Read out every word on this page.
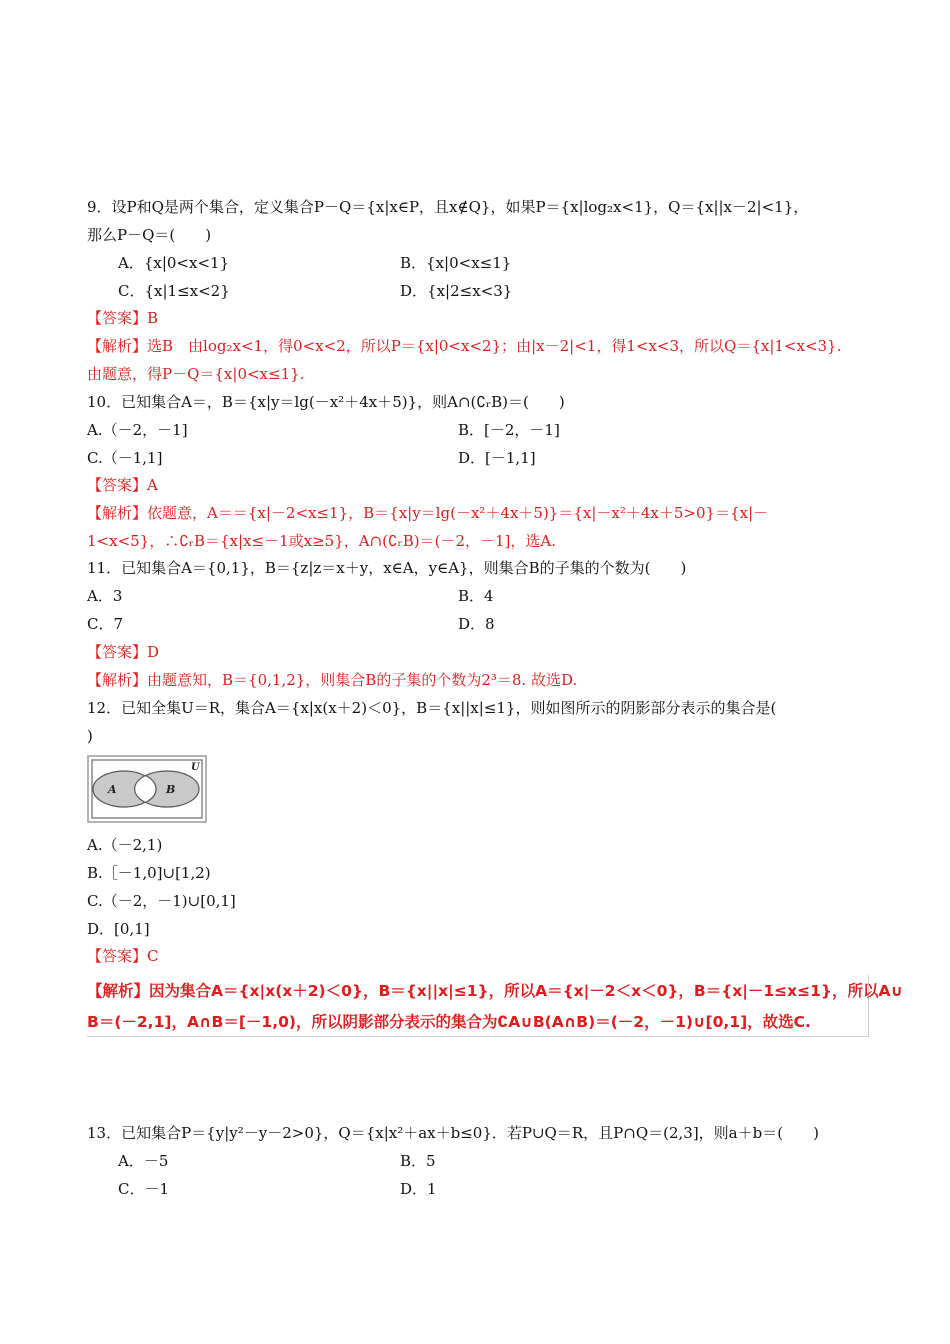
9．设P和Q是两个集合，定义集合P－Q＝{x|x∈P，且x∉Q}，如果P＝{x|log₂x<1}，Q＝{x||x－2|<1}，
那么P－Q＝(　　)
A．{x|0<x<1}	B．{x|0<x≤1}
C．{x|1≤x<2}	D．{x|2≤x<3}
【答案】B
【解析】选B　由log₂x<1，得0<x<2，所以P＝{x|0<x<2}；由|x－2|<1，得1<x<3，所以Q＝{x|1<x<3}.
由题意，得P－Q＝{x|0<x≤1}.
10．已知集合A＝，B＝{x|y＝lg(－x²＋4x＋5)}，则A∩(∁ᵣB)＝(　　)
A.（－2，－1]	B．[－2，－1]
C.（－1,1]	D．[－1,1]
【答案】A
【解析】依题意，A＝＝{x|－2<x≤1}，B＝{x|y＝lg(－x²＋4x＋5)}＝{x|－x²＋4x＋5>0}＝{x|－
1<x<5}，∴∁ᵣB＝{x|x≤－1或x≥5}，A∩(∁ᵣB)＝(－2，－1]，选A.
11．已知集合A＝{0,1}，B＝{z|z＝x＋y，x∈A，y∈A}，则集合B的子集的个数为(　　)
A．3	B．4
C．7	D．8
【答案】D
【解析】由题意知，B＝{0,1,2}，则集合B的子集的个数为2³＝8. 故选D.
12．已知全集U＝R，集合A＝{x|x(x＋2)＜0}，B＝{x||x|≤1}，则如图所示的阴影部分表示的集合是(
)
A	B
U
A.（－2,1)
B.［－1,0]∪[1,2)
C.（－2，－1)∪[0,1]
D．[0,1]
【答案】C
【解析】因为集合A＝{x|x(x＋2)＜0}，B＝{x||x|≤1}，所以A＝{x|－2＜x＜0}，B＝{x|－1≤x≤1}，所以A∪
B＝(－2,1]，A∩B＝[－1,0)，所以阴影部分表示的集合为∁A∪B(A∩B)＝(－2，－1)∪[0,1]，故选C.
13．已知集合P＝{y|y²－y－2>0}，Q＝{x|x²＋ax＋b≤0}．若P∪Q＝R，且P∩Q＝(2,3]，则a＋b＝(　　)
A．－5	B．5
C．－1	D．1
